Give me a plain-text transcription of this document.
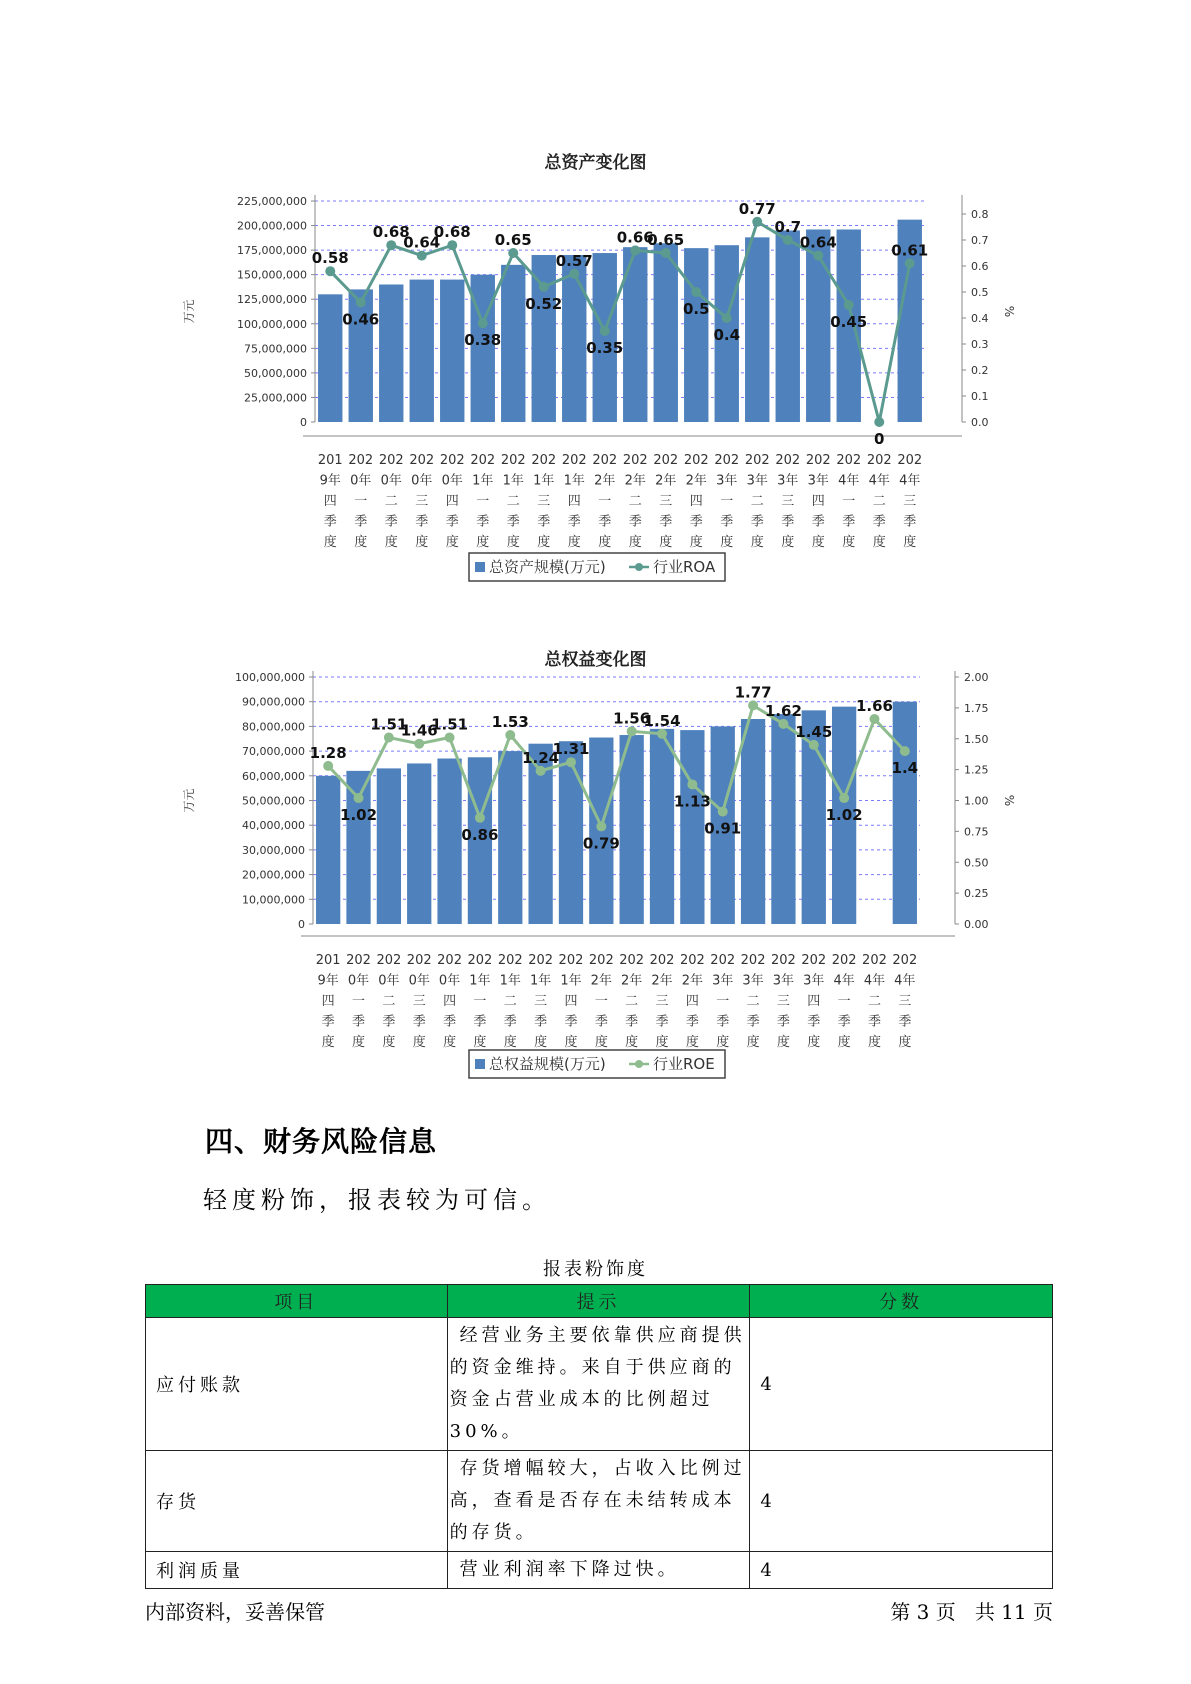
总资产变化图
0
25,000,000
50,000,000
75,000,000
100,000,000
125,000,000
150,000,000
175,000,000
200,000,000
225,000,000
0.0
0.1
0.2
0.3
0.4
0.5
0.6
0.7
0.8
万元	%
0.58
0.46
0.68
0.64
0.68
0.38
0.65
0.52
0.57
0.35
0.66
0.65
0.5
0.4
0.77
0.7
0.64
0.45
0
0.61
201
9年
四
季
度
202
0年
一
季
度
202
0年
二
季
度
202
0年
三
季
度
202
0年
四
季
度
202
1年
一
季
度
202
1年
二
季
度
202
1年
三
季
度
202
1年
四
季
度
202
2年
一
季
度
202
2年
二
季
度
202
2年
三
季
度
202
2年
四
季
度
202
3年
一
季
度
202
3年
二
季
度
202
3年
三
季
度
202
3年
四
季
度
202
4年
一
季
度
202
4年
二
季
度
202
4年
三
季
度
总资产规模(万元)	行业ROA
总权益变化图
0
10,000,000
20,000,000
30,000,000
40,000,000
50,000,000
60,000,000
70,000,000
80,000,000
90,000,000
100,000,000
0.00
0.25
0.50
0.75
1.00
1.25
1.50
1.75
2.00
万元	%
1.28
1.02
1.51
1.46
1.51
0.86
1.53
1.24
1.31
0.79
1.56
1.54
1.13
0.91
1.77
1.62
1.45
1.02
1.66
1.4
201
9年
四
季
度
202
0年
一
季
度
202
0年
二
季
度
202
0年
三
季
度
202
0年
四
季
度
202
1年
一
季
度
202
1年
二
季
度
202
1年
三
季
度
202
1年
四
季
度
202
2年
一
季
度
202
2年
二
季
度
202
2年
三
季
度
202
2年
四
季
度
202
3年
一
季
度
202
3年
二
季
度
202
3年
三
季
度
202
3年
四
季
度
202
4年
一
季
度
202
4年
二
季
度
202
4年
三
季
度
总权益规模(万元)	行业ROE
四、财务风险信息
轻度粉饰，报表较为可信。
报表粉饰度
项目	提示	分数
应付账款	经营业务主要依靠供应商提供的资金维持。来自于供应商的资金占营业成本的比例超过30%。	4
存货	存货增幅较大，占收入比例过高，查看是否存在未结转成本的存货。	4
利润质量	营业利润率下降过快。	4
内部资料，妥善保管	第 3 页   共 11 页
